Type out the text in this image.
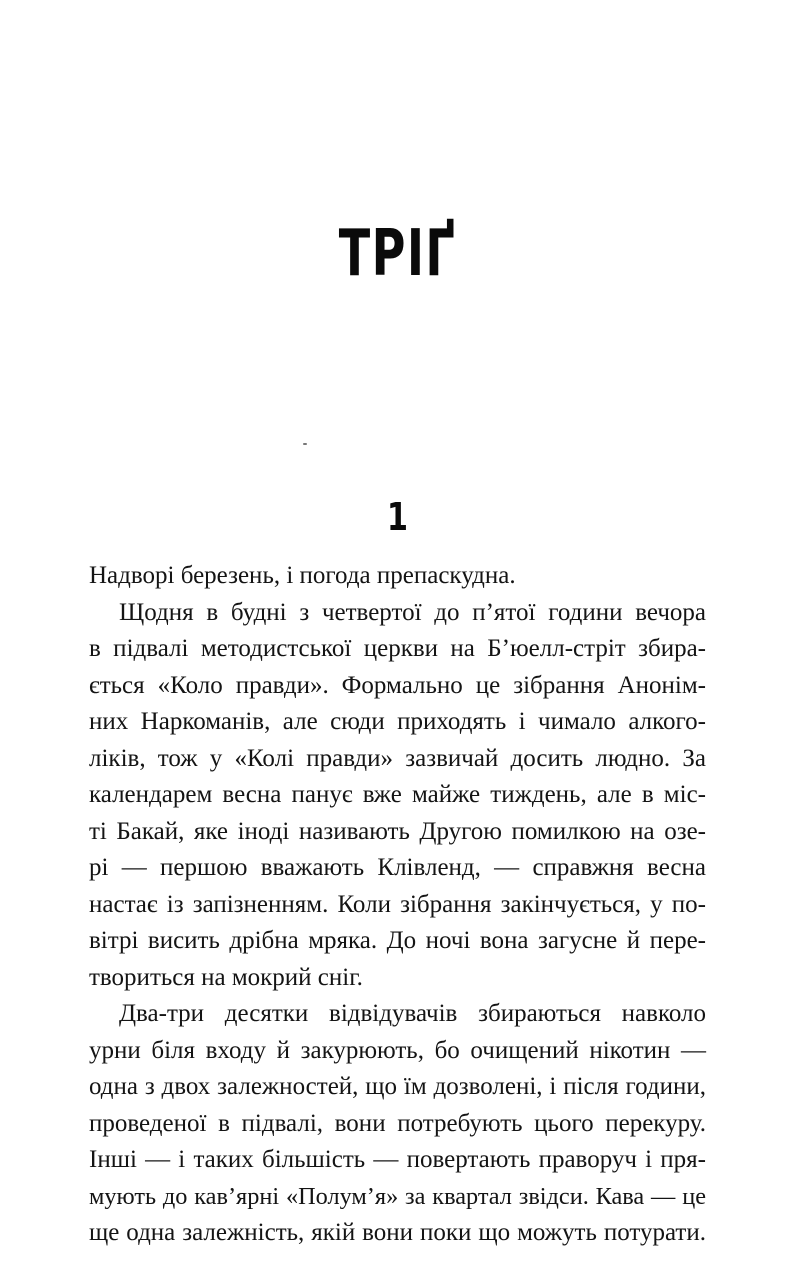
ТРІҐ
1
Надворі березень, і погода препаскудна.
Щодня в будні з четвертої до п’ятої години вечора
в підвалі методистської церкви на Б’юелл-стріт збира-
ється «Коло правди». Формально це зібрання Анонім-
них Наркоманів, але сюди приходять і чимало алкого-
ліків, тож у «Колі правди» зазвичай досить людно. За
календарем весна панує вже майже тиждень, але в міс-
ті Бакай, яке іноді називають Другою помилкою на озе-
рі — першою вважають Клівленд, — справжня весна
настає із запізненням. Коли зібрання закінчується, у по-
вітрі висить дрібна мряка. До ночі вона загусне й пере-
твориться на мокрий сніг.
Два-три десятки відвідувачів збираються навколо
урни біля входу й закурюють, бо очищений нікотин —
одна з двох залежностей, що їм дозволені, і після години,
проведеної в підвалі, вони потребують цього перекуру.
Інші — і таких більшість — повертають праворуч і пря-
мують до кав’ярні «Полум’я» за квартал звідси. Кава — це
ще одна залежність, якій вони поки що можуть потурати.
